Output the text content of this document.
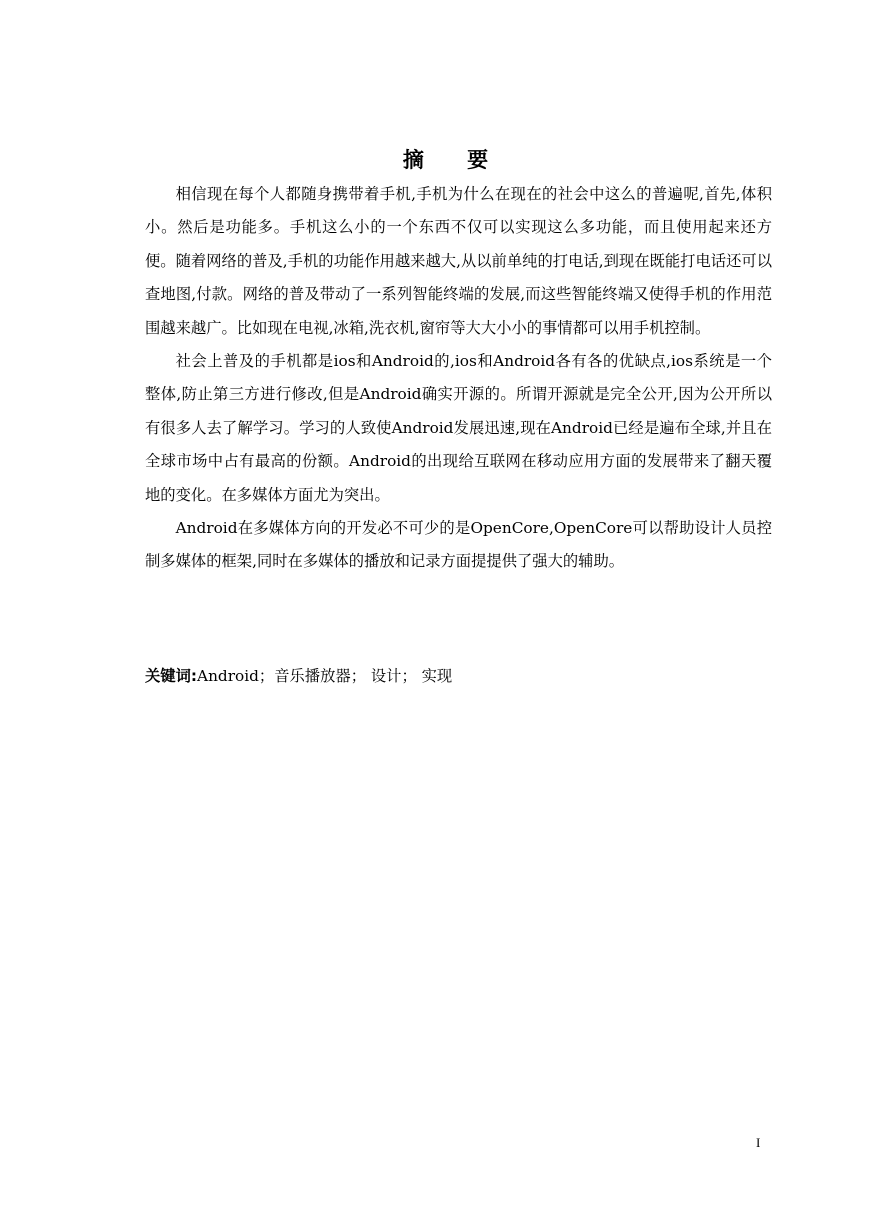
摘 要

相信现在每个人都随身携带着手机,手机为什么在现在的社会中这么的普遍呢,首先,体积小。然后是功能多。手机这么小的一个东西不仅可以实现这么多功能，而且使用起来还方便。随着网络的普及,手机的功能作用越来越大,从以前单纯的打电话,到现在既能打电话还可以查地图,付款。网络的普及带动了一系列智能终端的发展,而这些智能终端又使得手机的作用范围越来越广。比如现在电视,冰箱,洗衣机,窗帘等大大小小的事情都可以用手机控制。

社会上普及的手机都是ios和Android的,ios和Android各有各的优缺点,ios系统是一个整体,防止第三方进行修改,但是Android确实开源的。所谓开源就是完全公开,因为公开所以有很多人去了解学习。学习的人致使Android发展迅速,现在Android已经是遍布全球,并且在全球市场中占有最高的份额。Android的出现给互联网在移动应用方面的发展带来了翻天覆地的变化。在多媒体方面尤为突出。

Android在多媒体方向的开发必不可少的是OpenCore,OpenCore可以帮助设计人员控制多媒体的框架,同时在多媒体的播放和记录方面提提供了强大的辅助。

关键词:Android；音乐播放器； 设计； 实现
I
